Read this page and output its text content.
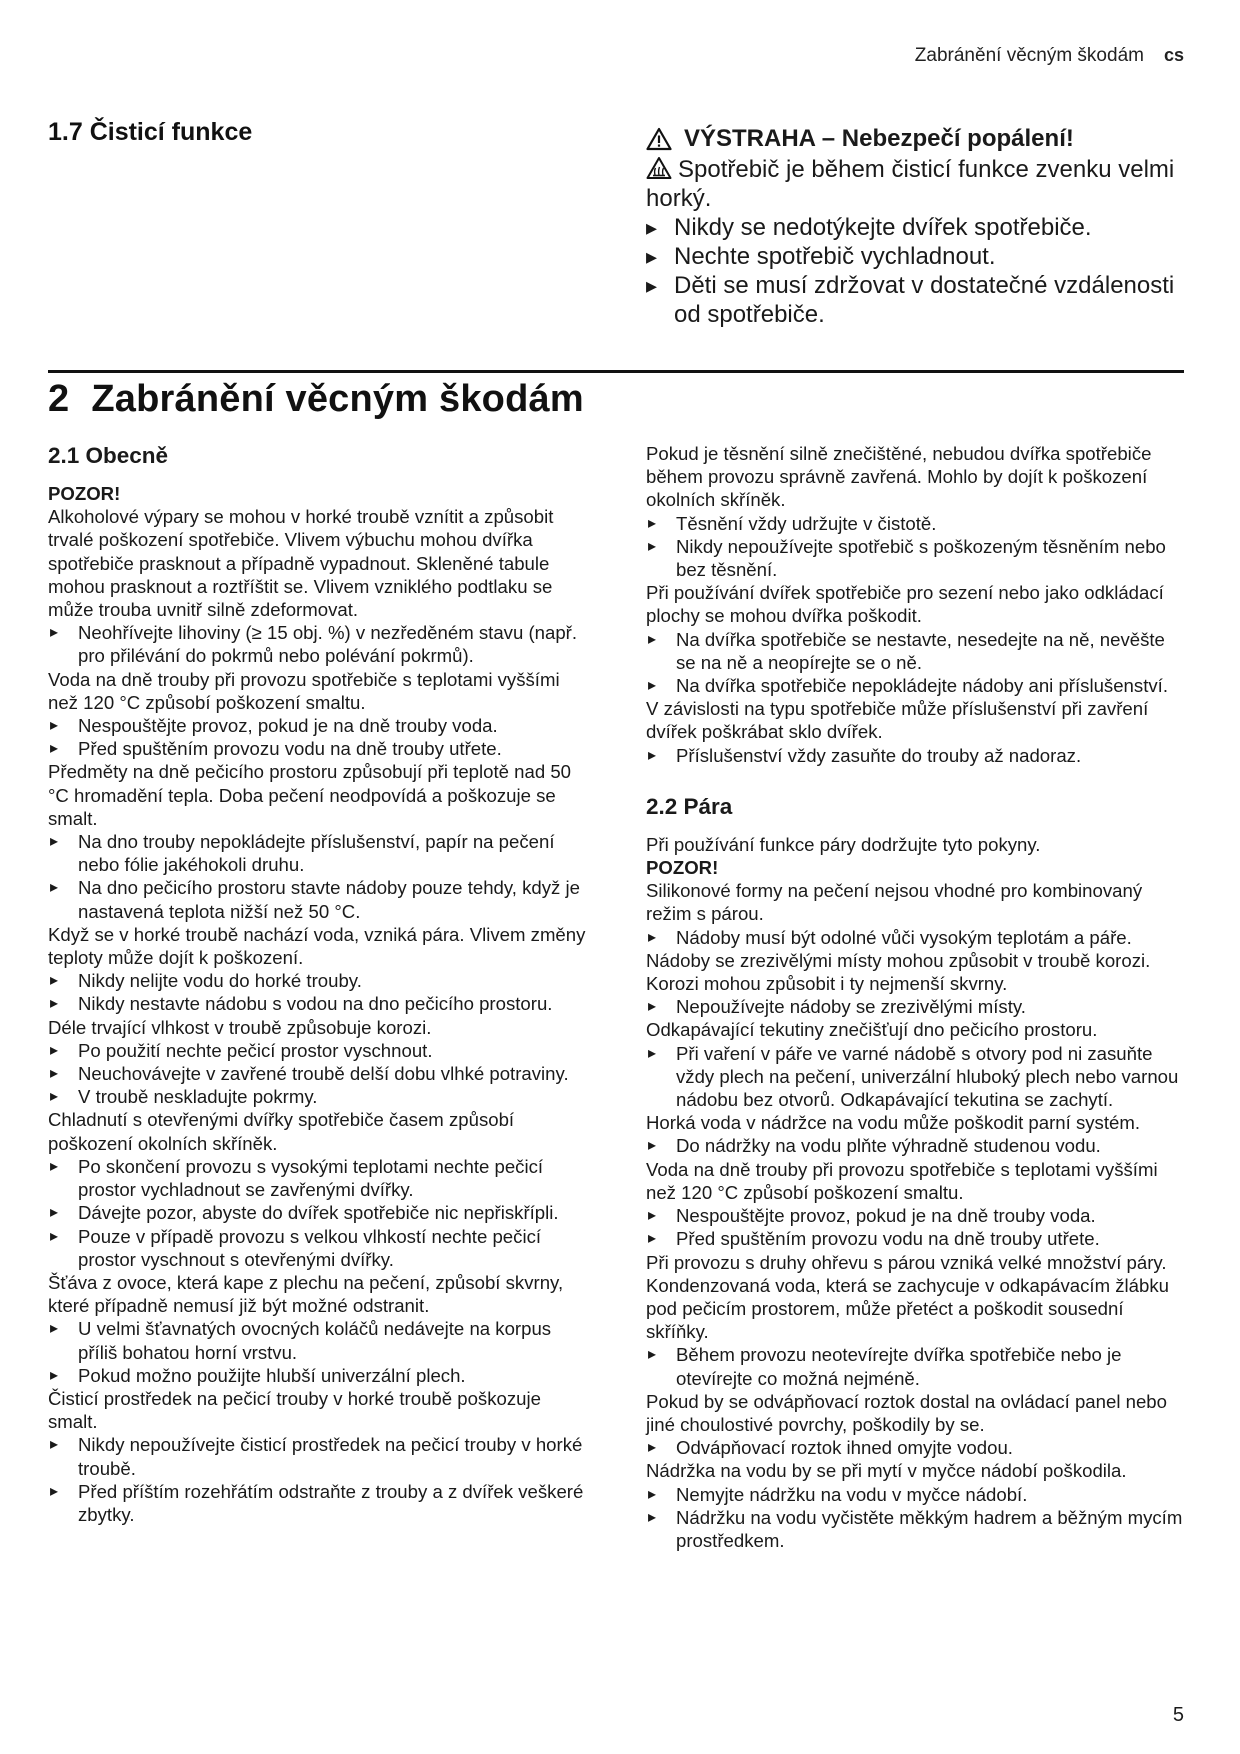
Zabránění věcným škodám cs
1.7 Čisticí funkce	VÝSTRAHA – Nebezpečí popálení!

Spotřebič je během čisticí funkce zvenku velmi horký.

▸ Nikdy se nedotýkejte dvířek spotřebiče.

▸ Nechte spotřebič vychladnout.

▸ Děti se musí zdržovat v dostatečné vzdálenosti od spotřebiče.

2 Zabránění věcným škodám

2.1 Obecně

POZOR!

Alkoholové výpary se mohou v horké troubě vznítit a způsobit trvalé poškození spotřebiče. Vlivem výbuchu mohou dvířka spotřebiče prasknout a případně vypadnout. Skleněné tabule mohou prasknout a roztříštit se. Vlivem vzniklého podtlaku se může trouba uvnitř silně zdeformovat.

▸ Neohřívejte lihoviny (≥ 15 obj. %) v nezředěném stavu (např. pro přilévání do pokrmů nebo polévání pokrmů).

Voda na dně trouby při provozu spotřebiče s teplotami vyššími než 120 °C způsobí poškození smaltu.

▸ Nespouštějte provoz, pokud je na dně trouby voda.

▸ Před spuštěním provozu vodu na dně trouby utřete.

Předměty na dně pečicího prostoru způsobují při teplotě nad 50 °C hromadění tepla. Doba pečení neodpovídá a poškozuje se smalt.

▸ Na dno trouby nepokládejte příslušenství, papír na pečení nebo fólie jakéhokoli druhu.

▸ Na dno pečicího prostoru stavte nádoby pouze tehdy, když je nastavená teplota nižší než 50 °C.

Když se v horké troubě nachází voda, vzniká pára. Vlivem změny teploty může dojít k poškození.

▸ Nikdy nelijte vodu do horké trouby.

▸ Nikdy nestavte nádobu s vodou na dno pečicího prostoru.

Déle trvající vlhkost v troubě způsobuje korozi.

▸ Po použití nechte pečicí prostor vyschnout.

▸ Neuchovávejte v zavřené troubě delší dobu vlhké potraviny.

▸ V troubě neskladujte pokrmy.

Chladnutí s otevřenými dvířky spotřebiče časem způsobí poškození okolních skříněk.

▸ Po skončení provozu s vysokými teplotami nechte pečicí prostor vychladnout se zavřenými dvířky.

▸ Dávejte pozor, abyste do dvířek spotřebiče nic nepřiskřípli.

▸ Pouze v případě provozu s velkou vlhkostí nechte pečicí prostor vyschnout s otevřenými dvířky.

Šťáva z ovoce, která kape z plechu na pečení, způsobí skvrny, které případně nemusí již být možné odstranit.

▸ U velmi šťavnatých ovocných koláčů nedávejte na korpus příliš bohatou horní vrstvu.

▸ Pokud možno použijte hlubší univerzální plech.

Čisticí prostředek na pečicí trouby v horké troubě poškozuje smalt.

▸ Nikdy nepoužívejte čisticí prostředek na pečicí trouby v horké troubě.

▸ Před příštím rozehřátím odstraňte z trouby a z dvířek veškeré zbytky.

Pokud je těsnění silně znečištěné, nebudou dvířka spotřebiče během provozu správně zavřená. Mohlo by dojít k poškození okolních skříněk.

▸ Těsnění vždy udržujte v čistotě.

▸ Nikdy nepoužívejte spotřebič s poškozeným těsněním nebo bez těsnění.

Při používání dvířek spotřebiče pro sezení nebo jako odkládací plochy se mohou dvířka poškodit.

▸ Na dvířka spotřebiče se nestavte, nesedejte na ně, nevěšte se na ně a neopírejte se o ně.

▸ Na dvířka spotřebiče nepokládejte nádoby ani příslušenství.

V závislosti na typu spotřebiče může příslušenství při zavření dvířek poškrábat sklo dvířek.

▸ Příslušenství vždy zasuňte do trouby až nadoraz.

2.2 Pára

Při používání funkce páry dodržujte tyto pokyny.

POZOR!

Silikonové formy na pečení nejsou vhodné pro kombinovaný režim s párou.

▸ Nádoby musí být odolné vůči vysokým teplotám a páře.

Nádoby se zrezivělými místy mohou způsobit v troubě korozi. Korozi mohou způsobit i ty nejmenší skvrny.

▸ Nepoužívejte nádoby se zrezivělými místy.

Odkapávající tekutiny znečišťují dno pečicího prostoru.

▸ Při vaření v páře ve varné nádobě s otvory pod ni zasuňte vždy plech na pečení, univerzální hluboký plech nebo varnou nádobu bez otvorů. Odkapávající tekutina se zachytí.

Horká voda v nádržce na vodu může poškodit parní systém.

▸ Do nádržky na vodu plňte výhradně studenou vodu.

Voda na dně trouby při provozu spotřebiče s teplotami vyššími než 120 °C způsobí poškození smaltu.

▸ Nespouštějte provoz, pokud je na dně trouby voda.

▸ Před spuštěním provozu vodu na dně trouby utřete.

Při provozu s druhy ohřevu s párou vzniká velké množství páry. Kondenzovaná voda, která se zachycuje v odkapávacím žlábku pod pečicím prostorem, může přetéct a poškodit sousední skříňky.

▸ Během provozu neotevírejte dvířka spotřebiče nebo je otevírejte co možná nejméně.

Pokud by se odvápňovací roztok dostal na ovládací panel nebo jiné choulostivé povrchy, poškodily by se.

▸ Odvápňovací roztok ihned omyjte vodou.

Nádržka na vodu by se při mytí v myčce nádobí poškodila.

▸ Nemyjte nádržku na vodu v myčce nádobí.

▸ Nádržku na vodu vyčistěte měkkým hadrem a běžným mycím prostředkem.

5
